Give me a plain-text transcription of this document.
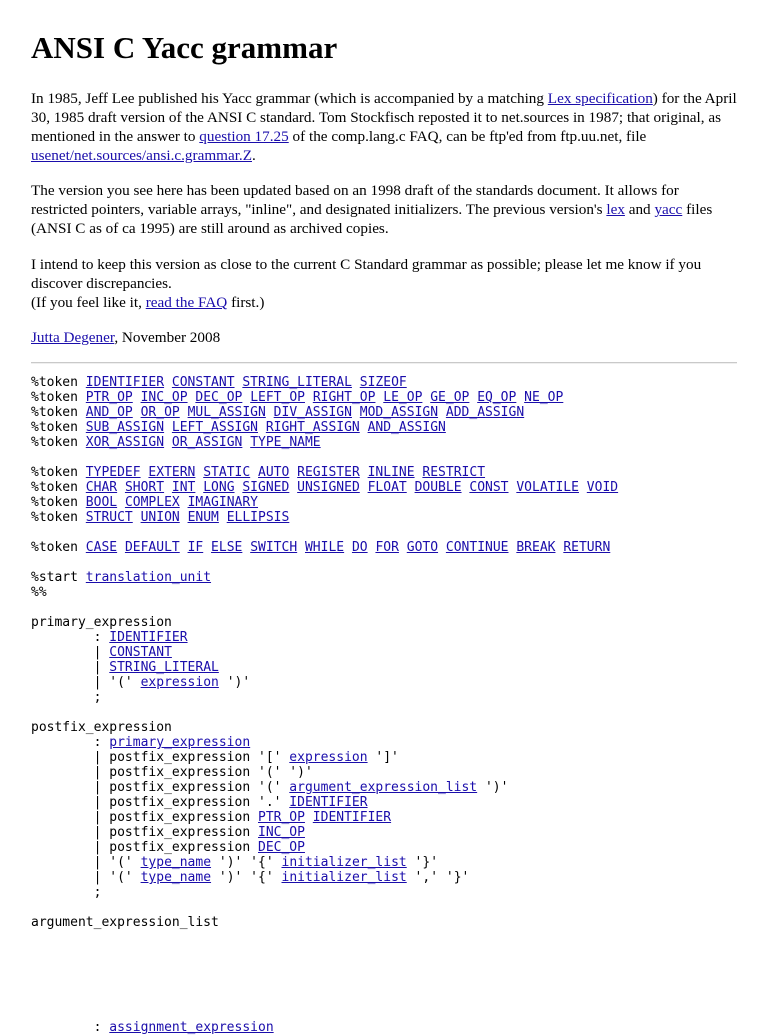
ANSI C Yacc grammar

In 1985, Jeff Lee published his Yacc grammar (which is accompanied by a matching Lex specification) for the April 30, 1985 draft version of the ANSI C standard. Tom Stockfisch reposted it to net.sources in 1987; that original, as mentioned in the answer to question 17.25 of the comp.lang.c FAQ, can be ftp'ed from ftp.uu.net, file usenet/net.sources/ansi.c.grammar.Z.

The version you see here has been updated based on an 1998 draft of the standards document. It allows for restricted pointers, variable arrays, "inline", and designated initializers. The previous version's lex and yacc files (ANSI C as of ca 1995) are still around as archived copies.

I intend to keep this version as close to the current C Standard grammar as possible; please let me know if you discover discrepancies.
(If you feel like it, read the FAQ first.)

Jutta Degener, November 2008

%token IDENTIFIER CONSTANT STRING_LITERAL SIZEOF
%token PTR_OP INC_OP DEC_OP LEFT_OP RIGHT_OP LE_OP GE_OP EQ_OP NE_OP
%token AND_OP OR_OP MUL_ASSIGN DIV_ASSIGN MOD_ASSIGN ADD_ASSIGN
%token SUB_ASSIGN LEFT_ASSIGN RIGHT_ASSIGN AND_ASSIGN
%token XOR_ASSIGN OR_ASSIGN TYPE_NAME

%token TYPEDEF EXTERN STATIC AUTO REGISTER INLINE RESTRICT
%token CHAR SHORT INT LONG SIGNED UNSIGNED FLOAT DOUBLE CONST VOLATILE VOID
%token BOOL COMPLEX IMAGINARY
%token STRUCT UNION ENUM ELLIPSIS

%token CASE DEFAULT IF ELSE SWITCH WHILE DO FOR GOTO CONTINUE BREAK RETURN

%start translation_unit
%%

primary_expression
: IDENTIFIER
| CONSTANT
| STRING_LITERAL
| '(' expression ')'
;

postfix_expression
: primary_expression
| postfix_expression '[' expression ']'
| postfix_expression '(' ')'
| postfix_expression '(' argument_expression_list ')'
| postfix_expression '.' IDENTIFIER
| postfix_expression PTR_OP IDENTIFIER
| postfix_expression INC_OP
| postfix_expression DEC_OP
| '(' type_name ')' '{' initializer_list '}'
| '(' type_name ')' '{' initializer_list ',' '}'
;

argument_expression_list

: assignment_expression
